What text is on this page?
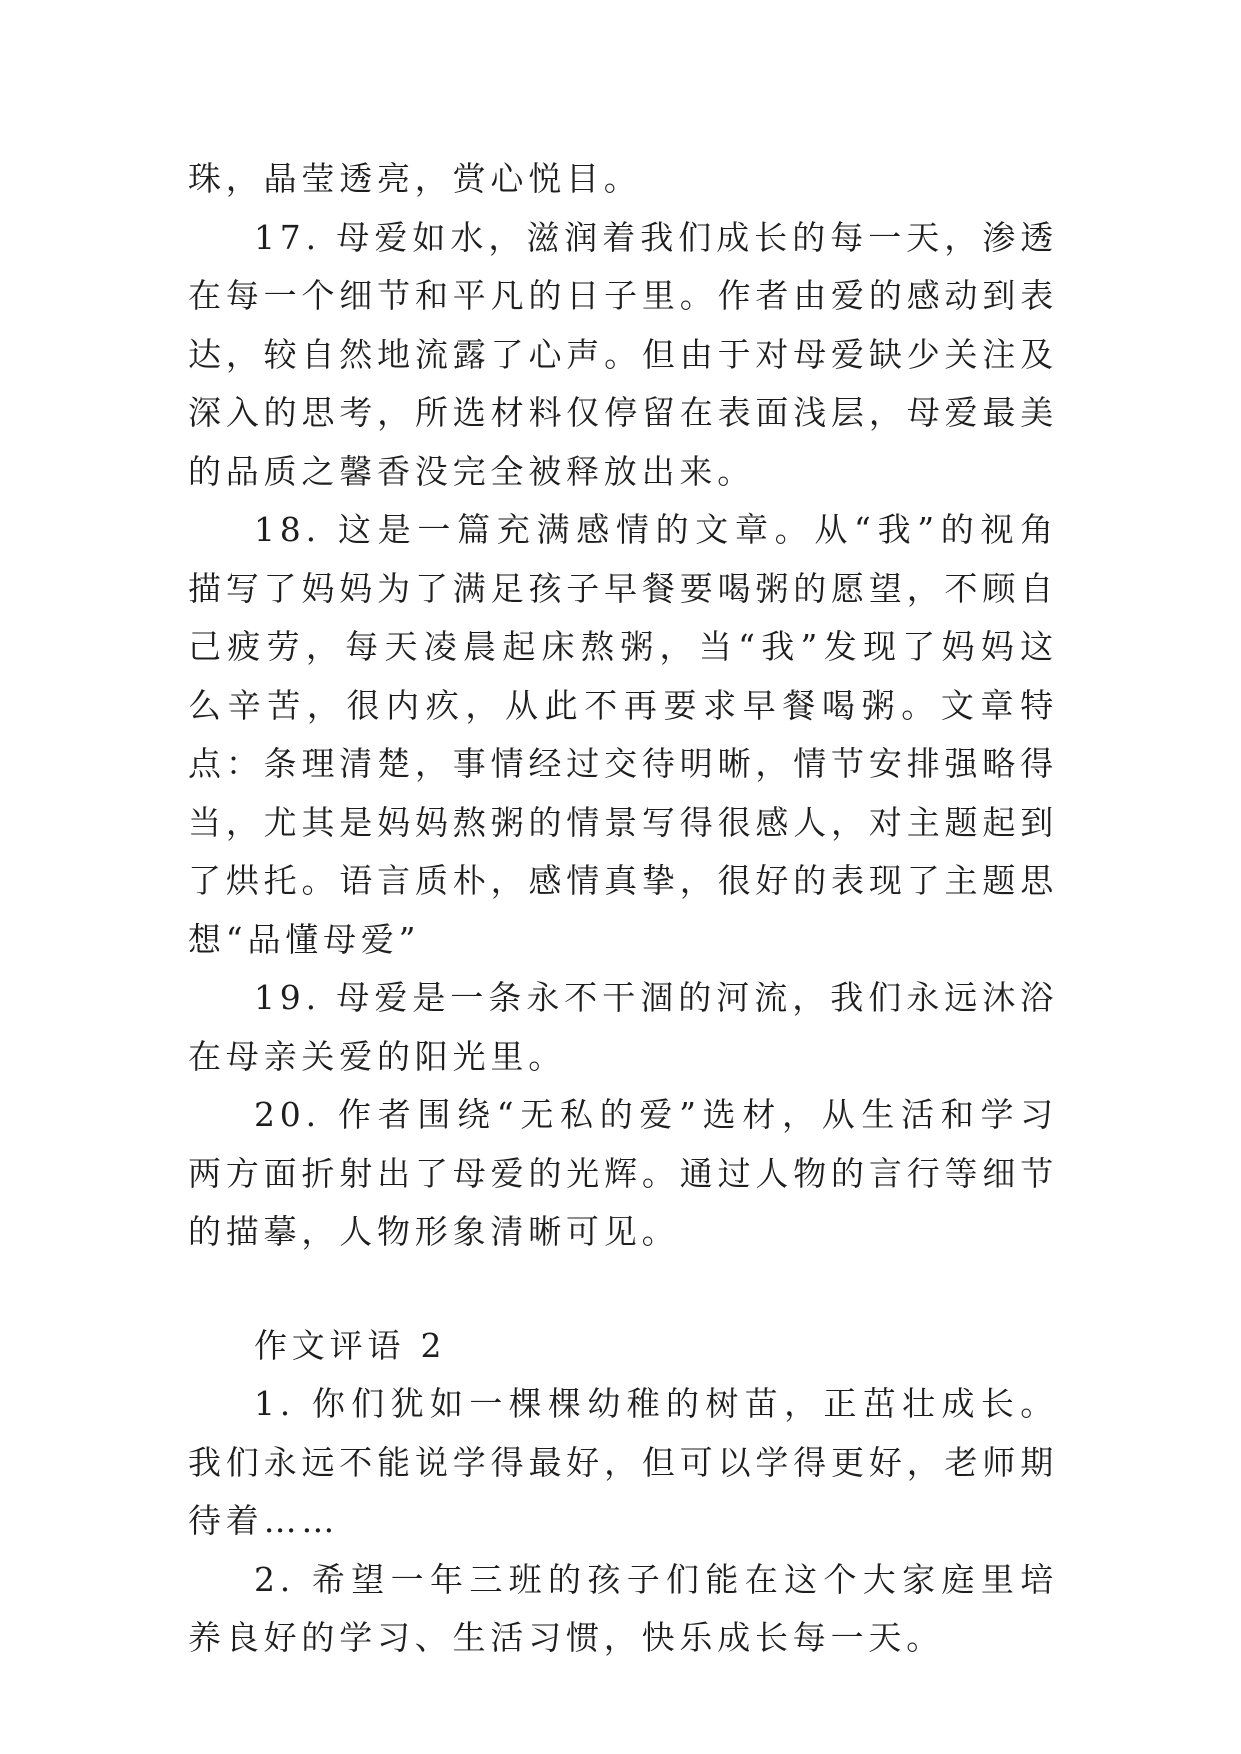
珠，晶莹透亮，赏心悦目。

17. 母爱如水，滋润着我们成长的每一天，渗透在每一个细节和平凡的日子里。作者由爱的感动到表达，较自然地流露了心声。但由于对母爱缺少关注及深入的思考，所选材料仅停留在表面浅层，母爱最美的品质之馨香没完全被释放出来。

18. 这是一篇充满感情的文章。从“我”的视角描写了妈妈为了满足孩子早餐要喝粥的愿望，不顾自己疲劳，每天凌晨起床熬粥，当“我”发现了妈妈这么辛苦，很内疚，从此不再要求早餐喝粥。文章特点：条理清楚，事情经过交待明晰，情节安排强略得当，尤其是妈妈熬粥的情景写得很感人，对主题起到了烘托。语言质朴，感情真挚，很好的表现了主题思想“品懂母爱”

19. 母爱是一条永不干涸的河流，我们永远沐浴在母亲关爱的阳光里。

20. 作者围绕“无私的爱”选材，从生活和学习两方面折射出了母爱的光辉。通过人物的言行等细节的描摹，人物形象清晰可见。

作文评语 2

1. 你们犹如一棵棵幼稚的树苗，正茁壮成长。我们永远不能说学得最好，但可以学得更好，老师期待着……

2. 希望一年三班的孩子们能在这个大家庭里培养良好的学习、生活习惯，快乐成长每一天。
